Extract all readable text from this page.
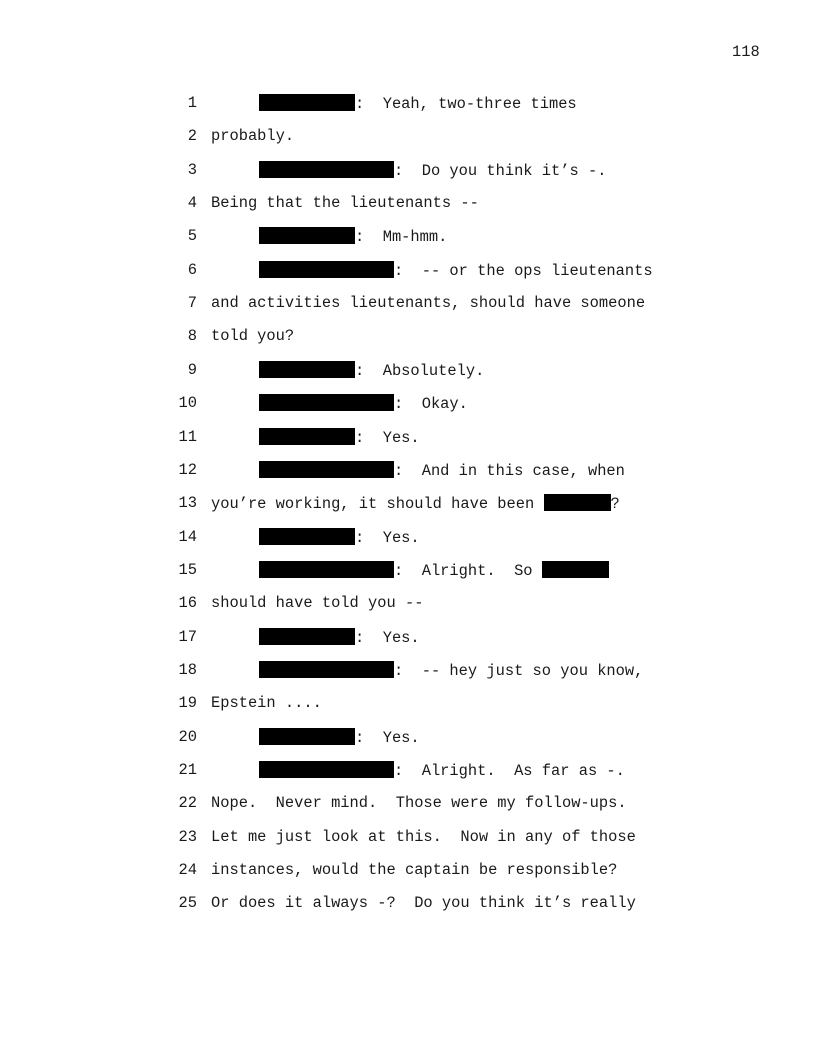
118
1	:  Yeah, two-three times
2 probably.
3	:  Do you think it’s -.
4 Being that the lieutenants --
5	:  Mm-hmm.
6	:  -- or the ops lieutenants
7 and activities lieutenants, should have someone
8 told you?
9	:  Absolutely.
10	:  Okay.
11	:  Yes.
12	:  And in this case, when
13 you’re working, it should have been	?
14	:  Yes.
15	:  Alright.  So
16 should have told you --
17	:  Yes.
18	:  -- hey just so you know,
19 Epstein ....
20	:  Yes.
21	:  Alright.  As far as -.
22 Nope.  Never mind.  Those were my follow-ups.
23 Let me just look at this.  Now in any of those
24 instances, would the captain be responsible?
25 Or does it always -?  Do you think it’s really
